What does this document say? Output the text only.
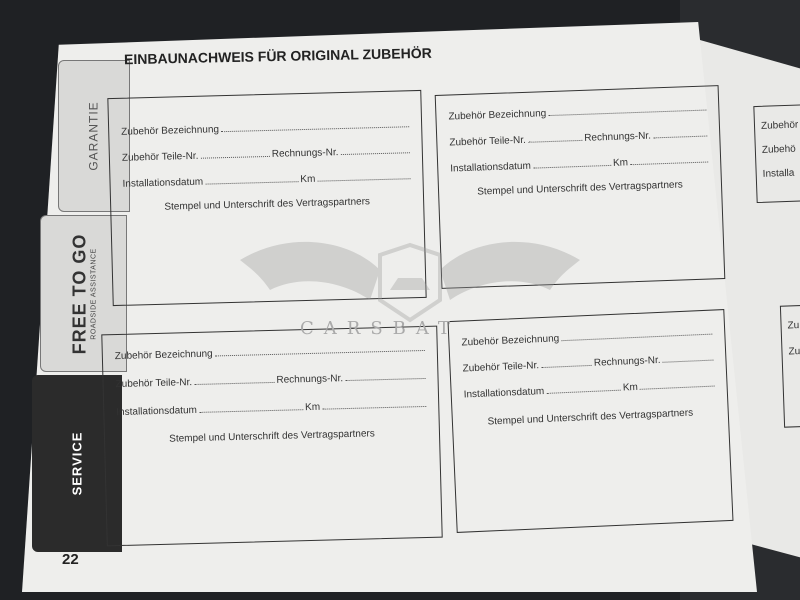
GARANTIE
FREE TO GO ROADSIDE ASSISTANCE
SERVICE
22
EINBAUNACHWEIS FÜR ORIGINAL ZUBEHÖR
Zubehör Bezeichnung
Zubehör Teile-Nr.	Rechnungs-Nr.
Installationsdatum	Km
Stempel und Unterschrift des Vertragspartners
Zubehör Bezeichnung
Zubehör Teile-Nr.	Rechnungs-Nr.
Installationsdatum	Km
Stempel und Unterschrift des Vertragspartners
Zubehör Bezeichnung
Zubehör Teile-Nr.	Rechnungs-Nr.
Installationsdatum	Km
Stempel und Unterschrift des Vertragspartners
Zubehör Bezeichnung
Zubehör Teile-Nr.	Rechnungs-Nr.
Installationsdatum	Km
Stempel und Unterschrift des Vertragspartners
Zubehör
Zubehö
Installa
Zu
Zu
CARSBAT
